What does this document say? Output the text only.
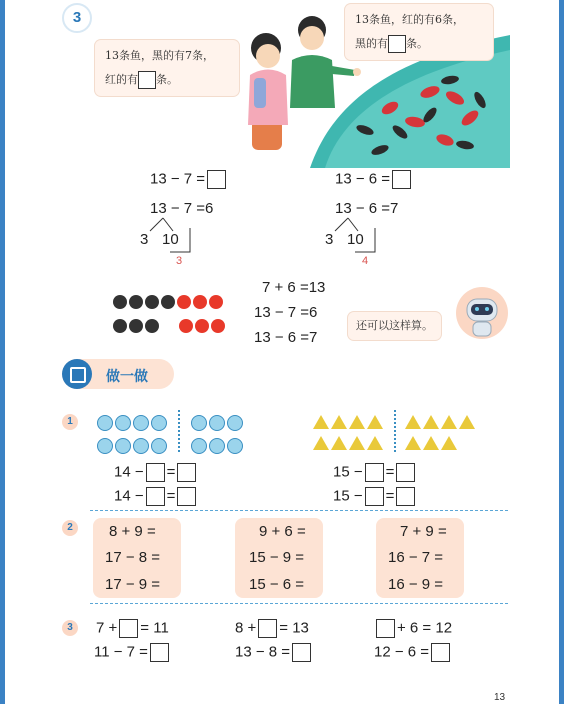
3
13条鱼，黑的有7条，
红的有 条。
13条鱼，红的有6条，
黑的有 条。
13 − 7 =
13 − 7 =6
3 10
3
13 − 6 =
13 − 6 =7
3 10
4
7 + 6 =13
13 − 7 =6
13 − 6 =7
还可以这样算。
做一做
1

14 − =
14 − =
15 − =
15 − =
2	8 + 9 =
17 − 8 =
17 − 9 =
9 + 6 =
15 − 9 =
15 − 6 =
7 + 9 =
16 − 7 =
16 − 9 =
3	7 + = 11	8 + = 13	+ 6 = 12
11 − 7 =	13 − 8 =	12 − 6 =
13
